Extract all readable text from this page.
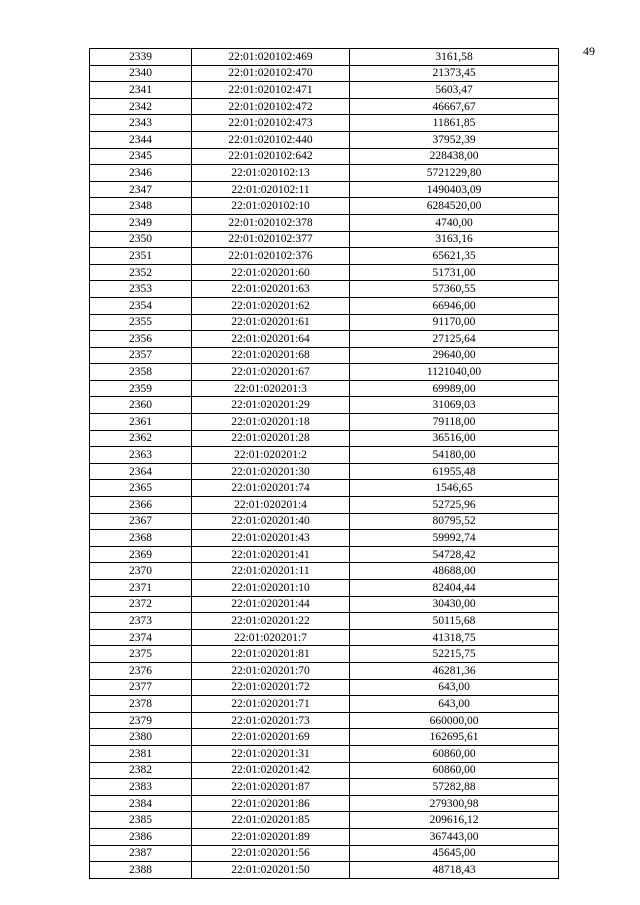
49
2339	22:01:020102:469	3161,58
2340	22:01:020102:470	21373,45
2341	22:01:020102:471	5603,47
2342	22:01:020102:472	46667,67
2343	22:01:020102:473	11861,85
2344	22:01:020102:440	37952,39
2345	22:01:020102:642	228438,00
2346	22:01:020102:13	5721229,80
2347	22:01:020102:11	1490403,09
2348	22:01:020102:10	6284520,00
2349	22:01:020102:378	4740,00
2350	22:01:020102:377	3163,16
2351	22:01:020102:376	65621,35
2352	22:01:020201:60	51731,00
2353	22:01:020201:63	57360,55
2354	22:01:020201:62	66946,00
2355	22:01:020201:61	91170,00
2356	22:01:020201:64	27125,64
2357	22:01:020201:68	29640,00
2358	22:01:020201:67	1121040,00
2359	22:01:020201:3	69989,00
2360	22:01:020201:29	31069,03
2361	22:01:020201:18	79118,00
2362	22:01:020201:28	36516,00
2363	22:01:020201:2	54180,00
2364	22:01:020201:30	61955,48
2365	22:01:020201:74	1546,65
2366	22:01:020201:4	52725,96
2367	22:01:020201:40	80795,52
2368	22:01:020201:43	59992,74
2369	22:01:020201:41	54728,42
2370	22:01:020201:11	48688,00
2371	22:01:020201:10	82404,44
2372	22:01:020201:44	30430,00
2373	22:01:020201:22	50115,68
2374	22:01:020201:7	41318,75
2375	22:01:020201:81	52215,75
2376	22:01:020201:70	46281,36
2377	22:01:020201:72	643,00
2378	22:01:020201:71	643,00
2379	22:01:020201:73	660000,00
2380	22:01:020201:69	162695,61
2381	22:01:020201:31	60860,00
2382	22:01:020201:42	60860,00
2383	22:01:020201:87	57282,88
2384	22:01:020201:86	279300,98
2385	22:01:020201:85	209616,12
2386	22:01:020201:89	367443,00
2387	22:01:020201:56	45645,00
2388	22:01:020201:50	48718,43
